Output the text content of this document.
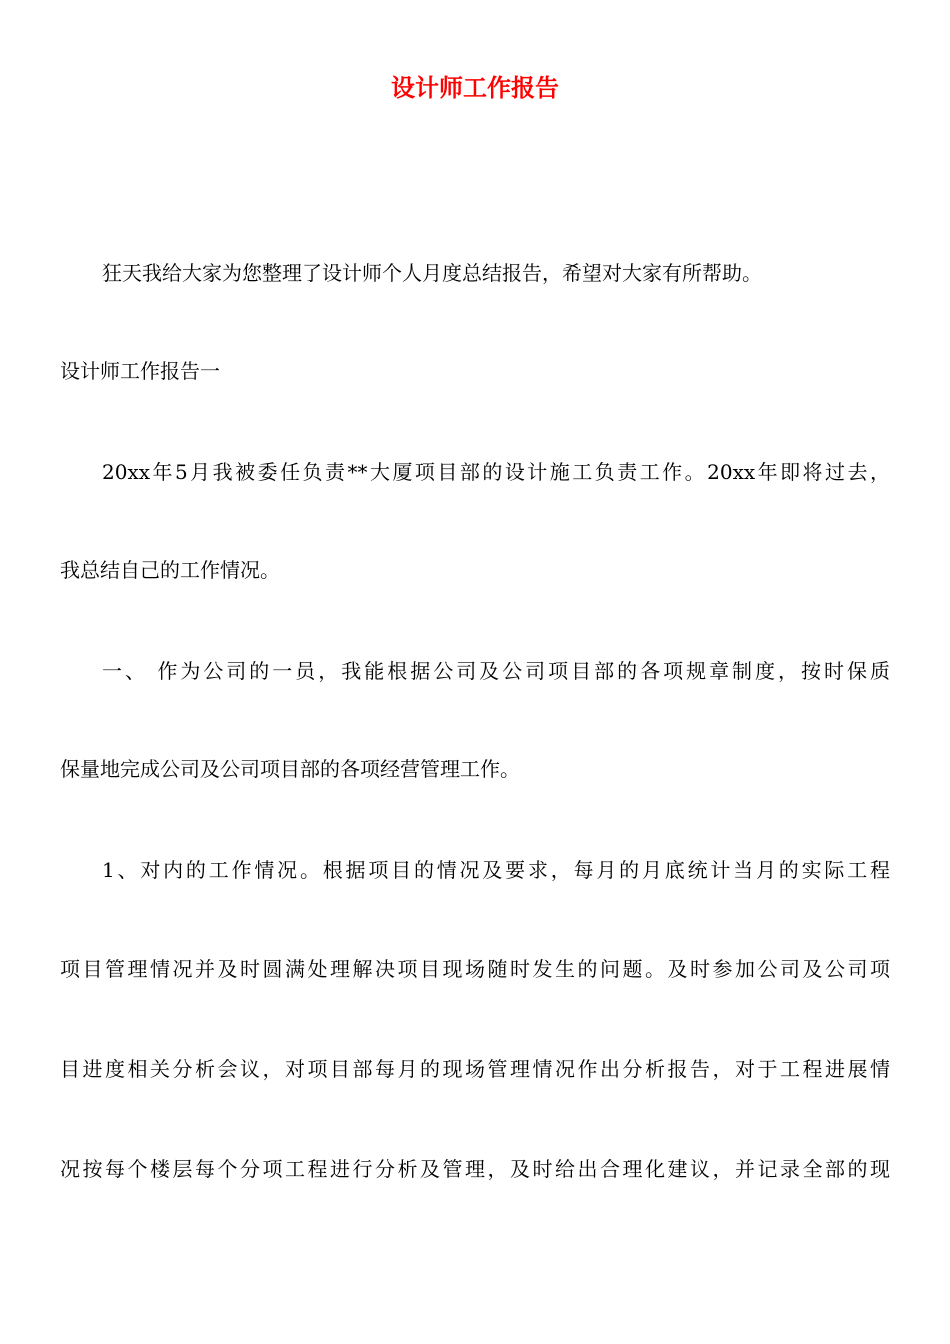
设计师工作报告

狂天我给大家为您整理了设计师个人月度总结报告，希望对大家有所帮助。

设计师工作报告一

20xx年5月我被委任负责**大厦项目部的设计施工负责工作。20xx年即将过去，

我总结自己的工作情况。

一、 作为公司的一员，我能根据公司及公司项目部的各项规章制度，按时保质

保量地完成公司及公司项目部的各项经营管理工作。

1、对内的工作情况。根据项目的情况及要求，每月的月底统计当月的实际工程

项目管理情况并及时圆满处理解决项目现场随时发生的问题。及时参加公司及公司项

目进度相关分析会议，对项目部每月的现场管理情况作出分析报告，对于工程进展情

况按每个楼层每个分项工程进行分析及管理，及时给出合理化建议，并记录全部的现
